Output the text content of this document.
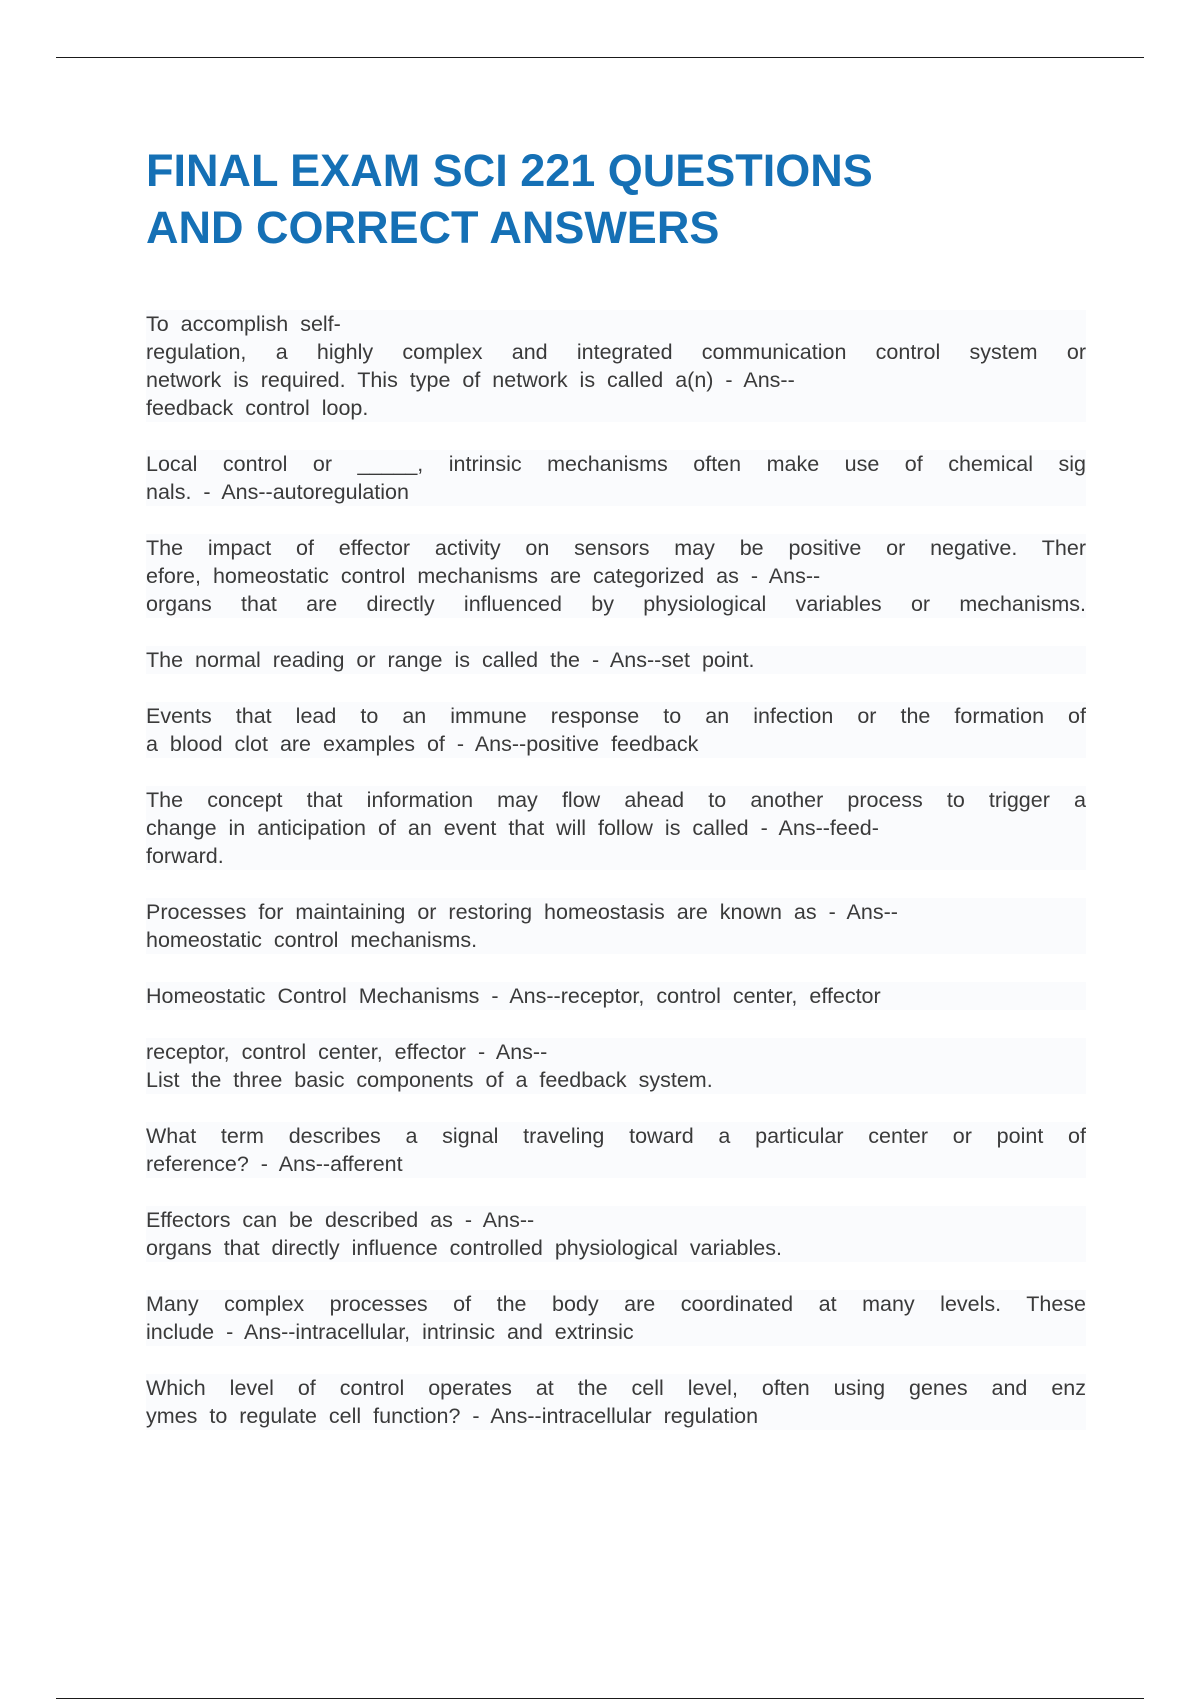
FINAL EXAM SCI 221 QUESTIONS
AND CORRECT ANSWERS
To accomplish self-
regulation, a highly complex and integrated communication control system or
network is required. This type of network is called a(n) - Ans--
feedback control loop.
Local control or _____, intrinsic mechanisms often make use of chemical sig
nals. - Ans--autoregulation
The impact of effector activity on sensors may be positive or negative. Ther
efore, homeostatic control mechanisms are categorized as - Ans--
organs that are directly influenced by physiological variables or mechanisms.
The normal reading or range is called the - Ans--set point.
Events that lead to an immune response to an infection or the formation of
a blood clot are examples of - Ans--positive feedback
The concept that information may flow ahead to another process to trigger a
change in anticipation of an event that will follow is called - Ans--feed-
forward.
Processes for maintaining or restoring homeostasis are known as - Ans--
homeostatic control mechanisms.
Homeostatic Control Mechanisms - Ans--receptor, control center, effector
receptor, control center, effector - Ans--
List the three basic components of a feedback system.
What term describes a signal traveling toward a particular center or point of
reference? - Ans--afferent
Effectors can be described as - Ans--
organs that directly influence controlled physiological variables.
Many complex processes of the body are coordinated at many levels. These
include - Ans--intracellular, intrinsic and extrinsic
Which level of control operates at the cell level, often using genes and enz
ymes to regulate cell function? - Ans--intracellular regulation
